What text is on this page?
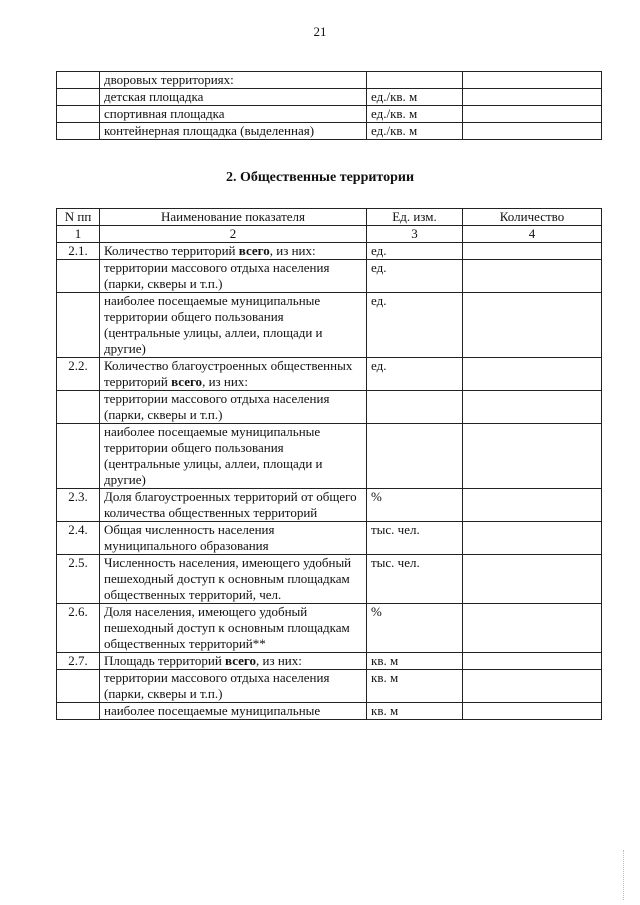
21
	дворовых территориях:		
	детская площадка	ед./кв. м	
	спортивная площадка	ед./кв. м	
	контейнерная площадка (выделенная)	ед./кв. м	
2. Общественные территории
N пп	Наименование показателя	Ед. изм.	Количество
1	2	3	4
2.1.	Количество территорий всего, из них:	ед.	
	территории массового отдыха населения (парки, скверы и т.п.)	ед.	
	наиболее посещаемые муниципальные территории общего пользования (центральные улицы, аллеи, площади и другие)	ед.	
2.2.	Количество благоустроенных общественных территорий всего, из них:	ед.	
	территории массового отдыха населения (парки, скверы и т.п.)		
	наиболее посещаемые муниципальные территории общего пользования (центральные улицы, аллеи, площади и другие)		
2.3.	Доля благоустроенных территорий от общего количества общественных территорий	%	
2.4.	Общая численность населения муниципального образования	тыс. чел.	
2.5.	Численность населения, имеющего удобный пешеходный доступ к основным площадкам общественных территорий, чел.	тыс. чел.	
2.6.	Доля населения, имеющего удобный пешеходный доступ к основным площадкам общественных территорий**	%	
2.7.	Площадь территорий всего, из них:	кв. м	
	территории массового отдыха населения (парки, скверы и т.п.)	кв. м	
	наиболее посещаемые муниципальные	кв. м	
